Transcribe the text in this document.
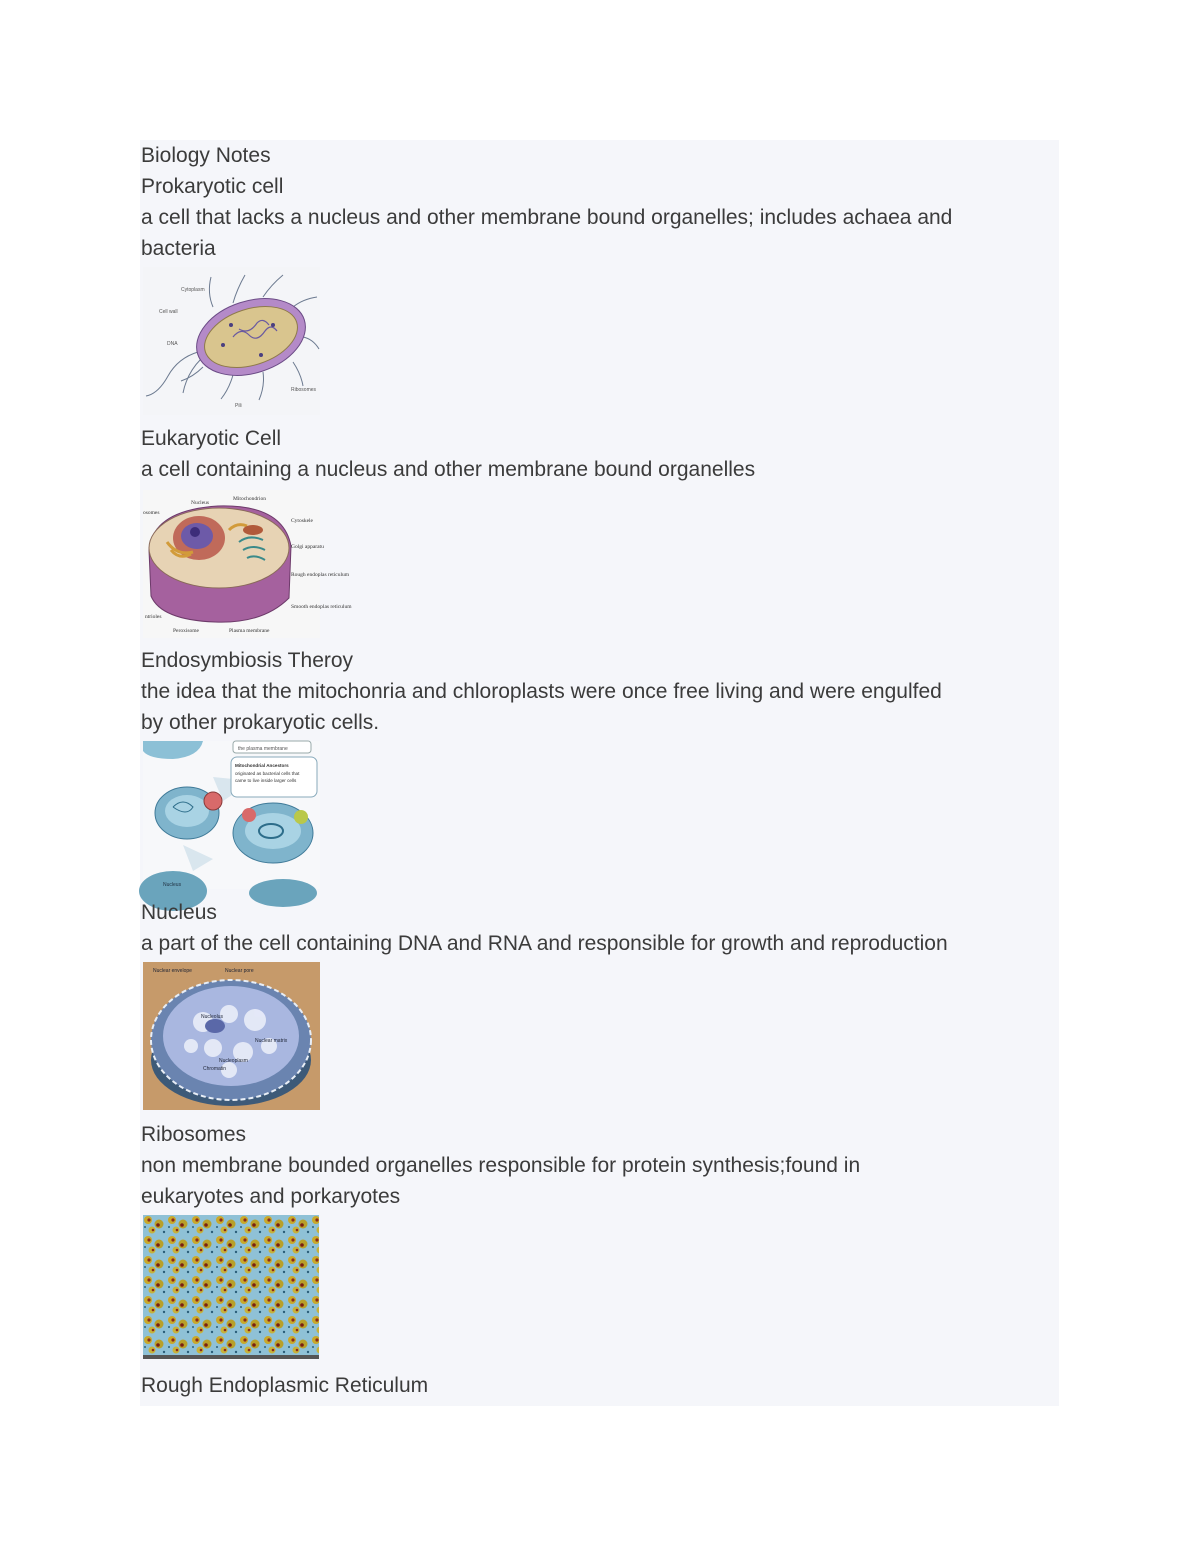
Biology Notes
Prokaryotic cell
a cell that lacks a nucleus and other membrane bound organelles; includes achaea and
bacteria
Cytoplasm
Cell wall
DNA
Ribosomes
Pili
Eukaryotic Cell
a cell containing a nucleus and other membrane bound organelles
Nucleus
Mitochondrion
osomes
Cytoskele
Golgi apparatu
Rough endoplas reticulum
Smooth endoplas reticulum
Peroxisome	Plasma membrane
ntrioles
Endosymbiosis Theroy
the idea that the mitochonria and chloroplasts were once free living and were engulfed
by other prokaryotic cells.
the plasma membrane
Mitochondrial Ancestors
originated as bacterial cells that
came to live inside larger cells
Nucleus
Nucleus
a part of the cell containing DNA and RNA and responsible for growth and reproduction
Nuclear envelope	Nuclear pore
Nucleolus
Nuclear matrix
Nucleoplasm
Chromatin
Ribosomes
non membrane bounded organelles responsible for protein synthesis;found in
eukaryotes and porkaryotes
Rough Endoplasmic Reticulum
